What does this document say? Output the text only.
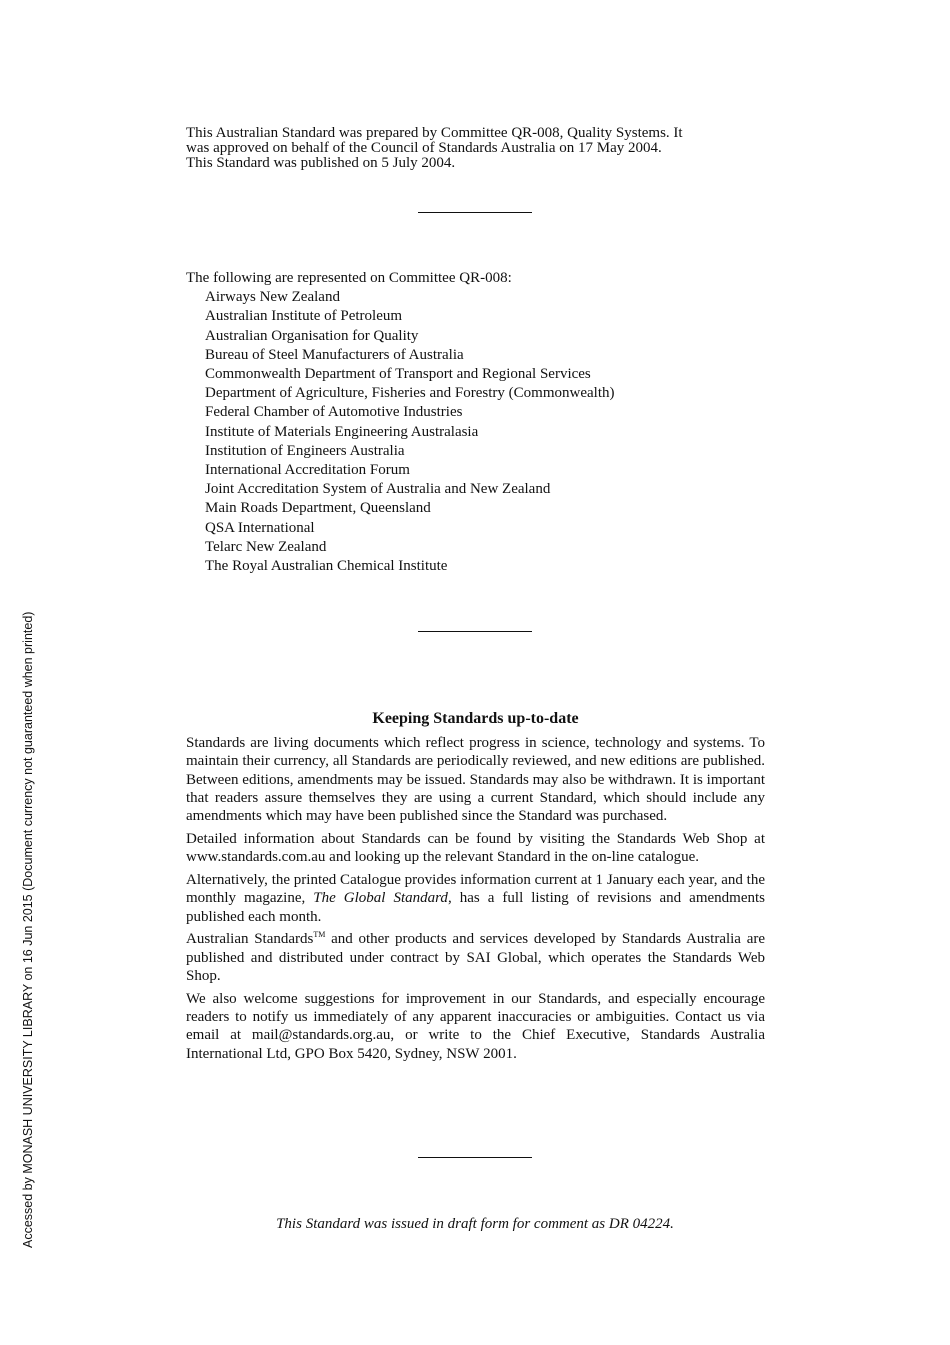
This Australian Standard was prepared by Committee QR-008, Quality Systems. It
was approved on behalf of the Council of Standards Australia on 17 May 2004.
This Standard was published on 5 July 2004.
The following are represented on Committee QR-008:
Airways New Zealand
Australian Institute of Petroleum
Australian Organisation for Quality
Bureau of Steel Manufacturers of Australia
Commonwealth Department of Transport and Regional Services
Department of Agriculture, Fisheries and Forestry (Commonwealth)
Federal Chamber of Automotive Industries
Institute of Materials Engineering Australasia
Institution of Engineers Australia
International Accreditation Forum
Joint Accreditation System of Australia and New Zealand
Main Roads Department, Queensland
QSA International
Telarc New Zealand
The Royal Australian Chemical Institute
Keeping Standards up-to-date

Standards are living documents which reflect progress in science, technology and systems. To maintain their currency, all Standards are periodically reviewed, and new editions are published. Between editions, amendments may be issued. Standards may also be withdrawn. It is important that readers assure themselves they are using a current Standard, which should include any amendments which may have been published since the Standard was purchased.

Detailed information about Standards can be found by visiting the Standards Web Shop at www.standards.com.au and looking up the relevant Standard in the on-line catalogue.

Alternatively, the printed Catalogue provides information current at 1 January each year, and the monthly magazine, The Global Standard, has a full listing of revisions and amendments published each month.

Australian Standards™ and other products and services developed by Standards Australia are published and distributed under contract by SAI Global, which operates the Standards Web Shop.

We also welcome suggestions for improvement in our Standards, and especially encourage readers to notify us immediately of any apparent inaccuracies or ambiguities. Contact us via email at mail@standards.org.au, or write to the Chief Executive, Standards Australia International Ltd, GPO Box 5420, Sydney, NSW 2001.

This Standard was issued in draft form for comment as DR 04224.
Accessed by MONASH UNIVERSITY LIBRARY on 16 Jun 2015 (Document currency not guaranteed when printed)
